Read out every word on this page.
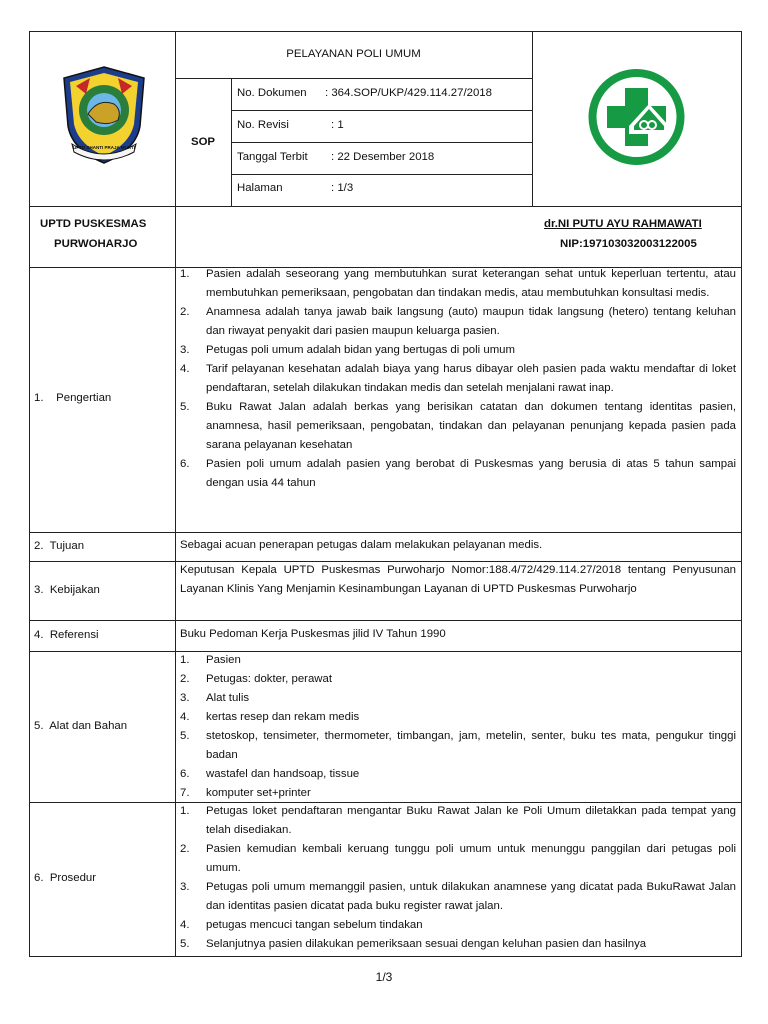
UPTD SHANTI PRAJA MUKTI
PELAYANAN POLI UMUM
SOP
No. Dokumen : 364.SOP/UKP/429.114.27/2018
No. Revisi	: 1
Tanggal Terbit : 22 Desember 2018
Halaman	: 1/3
UPTD PUSKESMAS
PURWOHARJO
dr.NI PUTU AYU RAHMAWATI
NIP:197103032003122005
1.    Pengertian
1. Pasien adalah seseorang yang membutuhkan surat keterangan sehat untuk keperluan tertentu, atau membutuhkan pemeriksaan, pengobatan dan tindakan medis, atau membutuhkan konsultasi medis.
2. Anamnesa adalah tanya jawab baik langsung (auto) maupun tidak langsung (hetero) tentang keluhan dan riwayat penyakit dari pasien maupun keluarga pasien.
3. Petugas poli umum adalah bidan yang bertugas di poli umum
4. Tarif pelayanan kesehatan adalah biaya yang harus dibayar oleh pasien pada waktu mendaftar di loket pendaftaran, setelah dilakukan tindakan medis dan setelah menjalani rawat inap.
5. Buku Rawat Jalan adalah berkas yang berisikan catatan dan dokumen tentang identitas pasien, anamnesa, hasil pemeriksaan, pengobatan, tindakan dan pelayanan penunjang kepada pasien pada sarana pelayanan kesehatan
6. Pasien poli umum adalah pasien yang berobat di Puskesmas yang berusia di atas 5 tahun sampai dengan usia 44 tahun
2.  Tujuan	Sebagai acuan penerapan petugas dalam melakukan pelayanan medis.
3.  Kebijakan
Keputusan Kepala UPTD Puskesmas Purwoharjo Nomor:188.4/72/429.114.27/2018 tentang Penyusunan Layanan Klinis Yang Menjamin Kesinambungan Layanan di UPTD Puskesmas Purwoharjo
4.  Referensi	Buku Pedoman Kerja Puskesmas jilid IV Tahun 1990
5.  Alat dan Bahan
1. Pasien
2. Petugas: dokter, perawat
3. Alat tulis
4. kertas resep dan rekam medis
5. stetoskop, tensimeter, thermometer, timbangan, jam, metelin, senter, buku tes mata, pengukur tinggi badan
6. wastafel dan handsoap, tissue
7. komputer set+printer
6.  Prosedur
1. Petugas loket pendaftaran mengantar Buku Rawat Jalan ke Poli Umum diletakkan pada tempat yang telah disediakan.
2. Pasien kemudian kembali keruang tunggu poli umum untuk menunggu panggilan dari petugas poli umum.
3. Petugas poli umum memanggil pasien, untuk dilakukan anamnese yang dicatat pada BukuRawat Jalan dan identitas pasien dicatat pada buku register rawat jalan.
4. petugas mencuci tangan sebelum tindakan
5. Selanjutnya pasien dilakukan pemeriksaan sesuai dengan keluhan pasien dan hasilnya
1/3
